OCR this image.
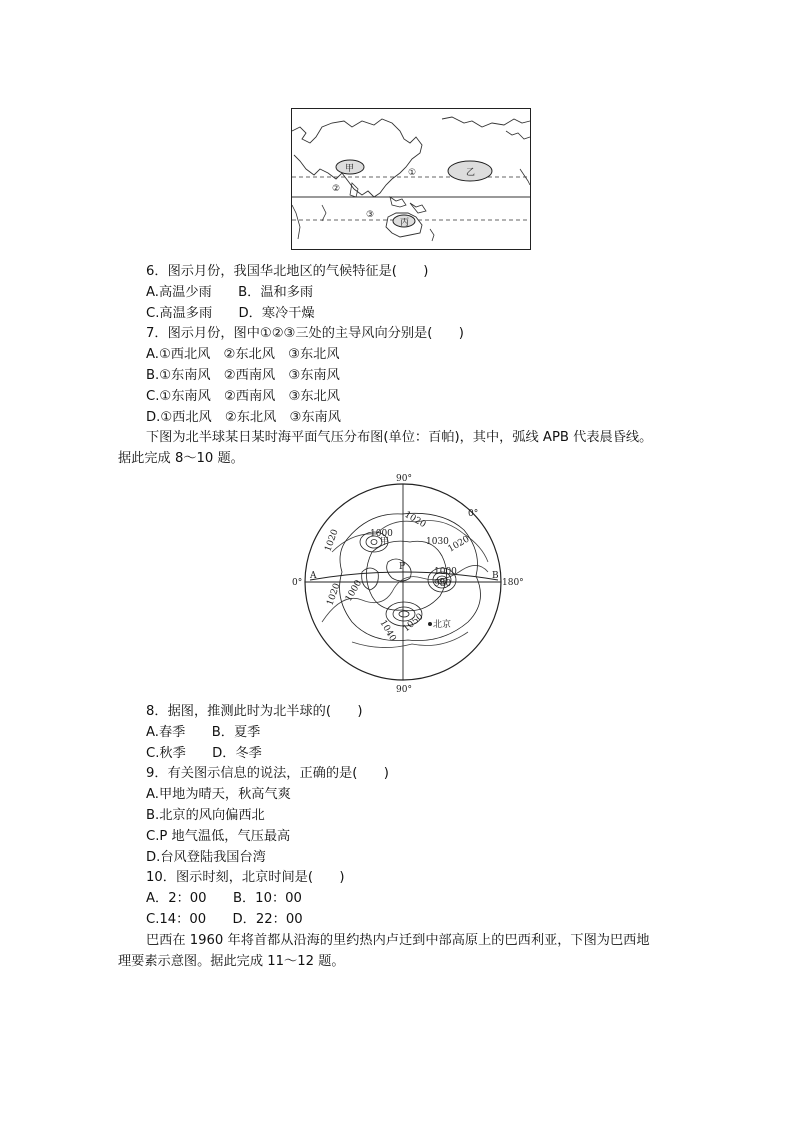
甲	乙
丙
①
②
③
6．图示月份，我国华北地区的气候特征是(　　)
A.高温少雨　　B．温和多雨
C.高温多雨　　D．寒冷干燥
7．图示月份，图中①②③三处的主导风向分别是(　　)
A.①西北风　②东北风　③东北风
B.①东南风　②西南风　③东南风
C.①东南风　②西南风　③东北风
D.①西北风　②东北风　③东南风
下图为北半球某日某时海平面气压分布图(单位：百帕)，其中，弧线 APB 代表晨昏线。
据此完成 8～10 题。
90°
90°
0°	180°
0°
A	B
P
甲
北京
1020
1020
1020
1020
1030
1000
1000
1000	980
1040 1050
8．据图，推测此时为北半球的(　　)
A.春季　　B．夏季
C.秋季　　D．冬季
9．有关图示信息的说法，正确的是(　　)
A.甲地为晴天，秋高气爽
B.北京的风向偏西北
C.P 地气温低，气压最高
D.台风登陆我国台湾
10．图示时刻，北京时间是(　　)
A．2：00　　B．10：00
C.14：00　　D．22：00
巴西在 1960 年将首都从沿海的里约热内卢迁到中部高原上的巴西利亚，下图为巴西地
理要素示意图。据此完成 11～12 题。
